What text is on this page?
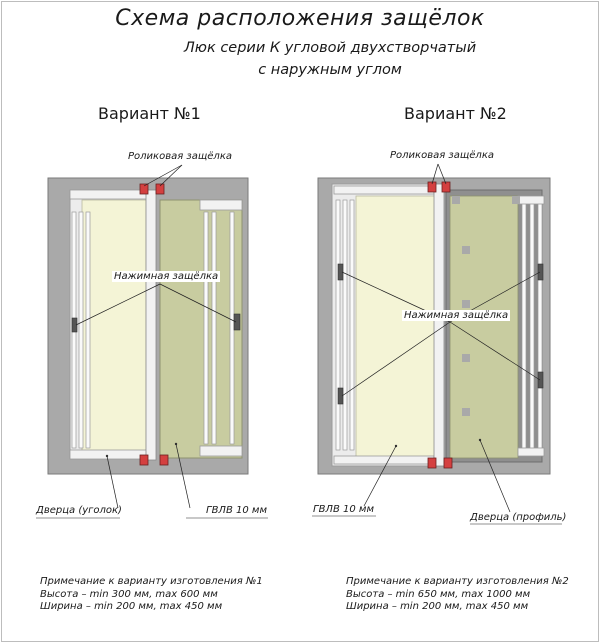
Схема расположения защёлок
Люк серии К угловой двухстворчатый
с наружным углом
Вариант №1	Вариант №2
Роликовая защёлка
Нажимная защёлка
Дверца (уголок)	ГВЛВ 10 мм
Роликовая защёлка
Нажимная защёлка
ГВЛВ 10 мм
Дверца (профиль)
Примечание к варианту изготовления №1
Высота – min 300 мм, max 600 мм
Ширина – min 200 мм, max 450 мм
Примечание к варианту изготовления №2
Высота – min 650 мм, max 1000 мм
Ширина – min 200 мм, max 450 мм
